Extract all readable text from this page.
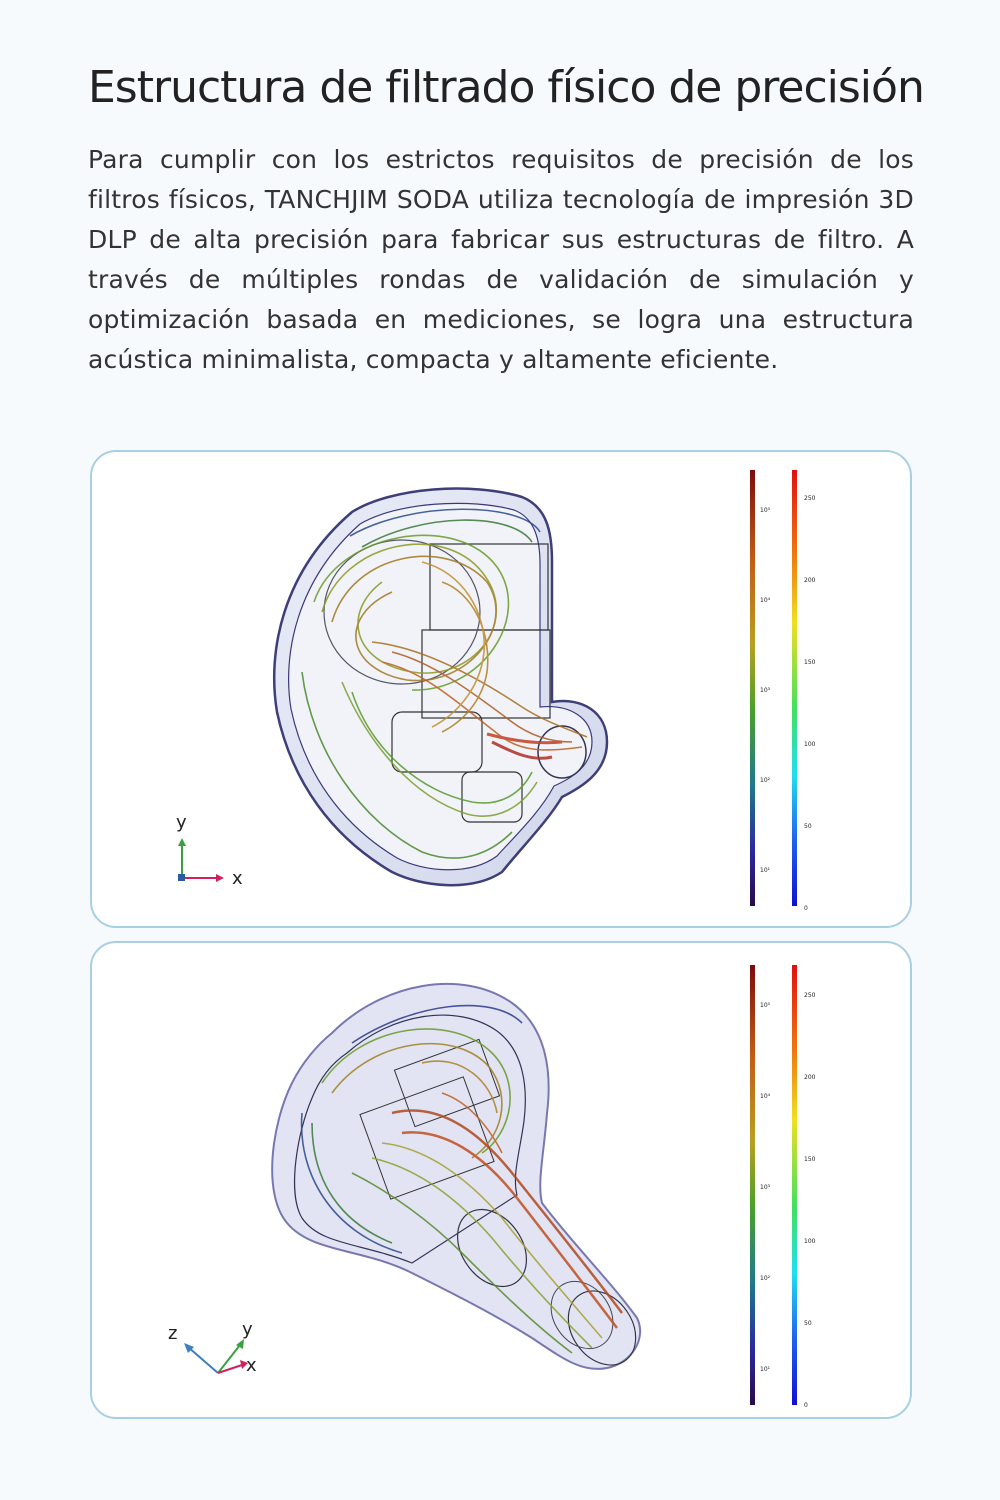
Estructura de filtrado físico de precisión

Para cumplir con los estrictos requisitos de precisión de los filtros físicos, TANCHJIM SODA utiliza tecnología de impresión 3D DLP de alta precisión para fabricar sus estructuras de filtro. A través de múltiples rondas de validación de simulación y optimización basada en mediciones, se logra una estructura acústica minimalista, compacta y altamente eficiente.

y
x
10⁵
10⁴
10³
10²
10¹
250
200
150
100
50
0
z	y
x
10⁵
10⁴
10³
10²
10¹
250
200
150
100
50
0
